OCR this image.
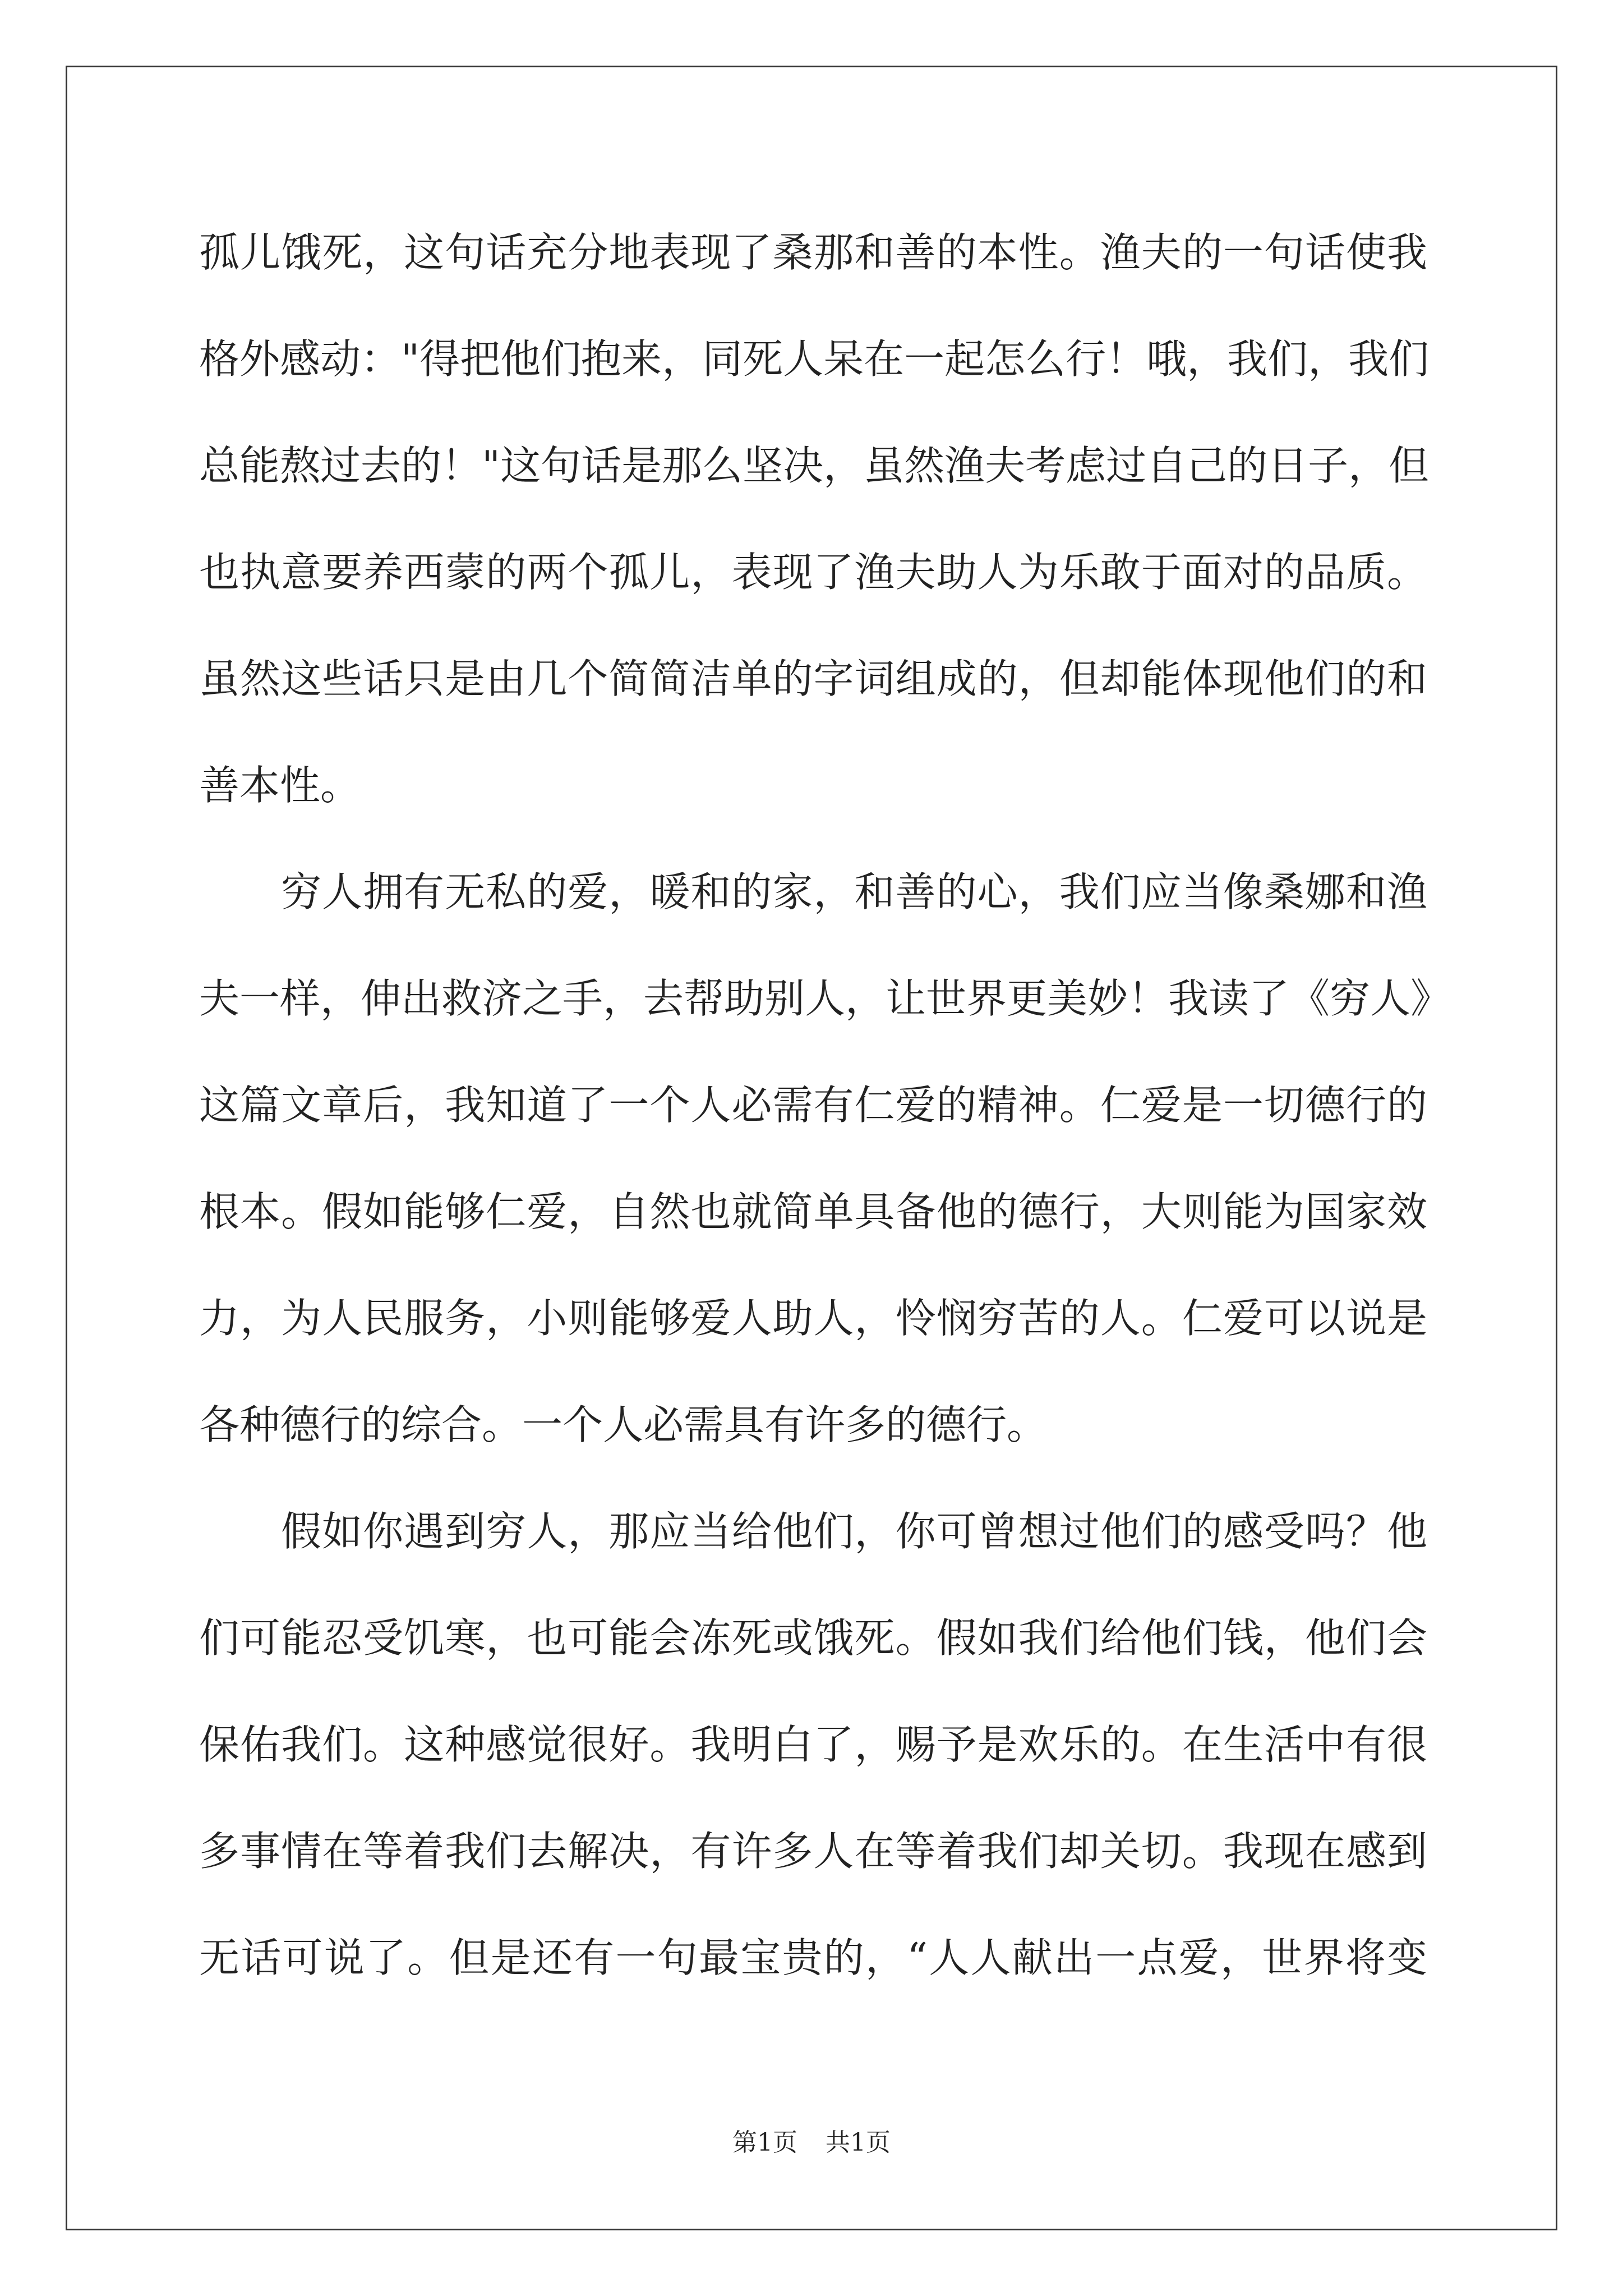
孤儿饿死，这句话充分地表现了桑那和善的本性。渔夫的一句话使我
格外感动："得把他们抱来，同死人呆在一起怎么行！哦，我们，我们
总能熬过去的！"这句话是那么坚决，虽然渔夫考虑过自己的日子，但
也执意要养西蒙的两个孤儿，表现了渔夫助人为乐敢于面对的品质。
虽然这些话只是由几个简简洁单的字词组成的，但却能体现他们的和
善本性。
穷人拥有无私的爱，暖和的家，和善的心，我们应当像桑娜和渔
夫一样，伸出救济之手，去帮助别人，让世界更美妙！我读了《穷人》
这篇文章后，我知道了一个人必需有仁爱的精神。仁爱是一切德行的
根本。假如能够仁爱，自然也就简单具备他的德行，大则能为国家效
力，为人民服务，小则能够爱人助人，怜悯穷苦的人。仁爱可以说是
各种德行的综合。一个人必需具有许多的德行。
假如你遇到穷人，那应当给他们，你可曾想过他们的感受吗？他
们可能忍受饥寒，也可能会冻死或饿死。假如我们给他们钱，他们会
保佑我们。这种感觉很好。我明白了，赐予是欢乐的。在生活中有很
多事情在等着我们去解决，有许多人在等着我们却关切。我现在感到
无话可说了。但是还有一句最宝贵的，“人人献出一点爱，世界将变
第1页 共1页
